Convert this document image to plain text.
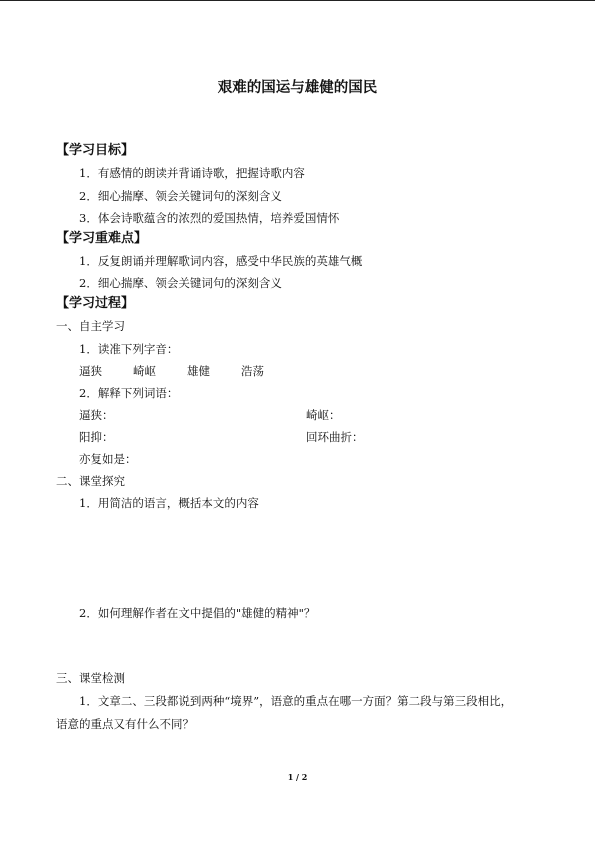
艰难的国运与雄健的国民
【学习目标】
1．有感情的朗读并背诵诗歌，把握诗歌内容
2．细心揣摩、领会关键词句的深刻含义
3．体会诗歌蕴含的浓烈的爱国热情，培养爱国情怀
【学习重难点】
1．反复朗诵并理解歌词内容，感受中华民族的英雄气概
2．细心揣摩、领会关键词句的深刻含义
【学习过程】
一、自主学习
1．读准下列字音：
逼狭	崎岖	雄健	浩荡
2．解释下列词语：
逼狭：	崎岖：
阳抑：	回环曲折：
亦复如是：
二、课堂探究
1．用简洁的语言，概括本文的内容
2．如何理解作者在文中提倡的"雄健的精神"？
三、课堂检测
1．文章二、三段都说到两种“境界”，语意的重点在哪一方面？第二段与第三段相比，
语意的重点又有什么不同？
1 / 2
